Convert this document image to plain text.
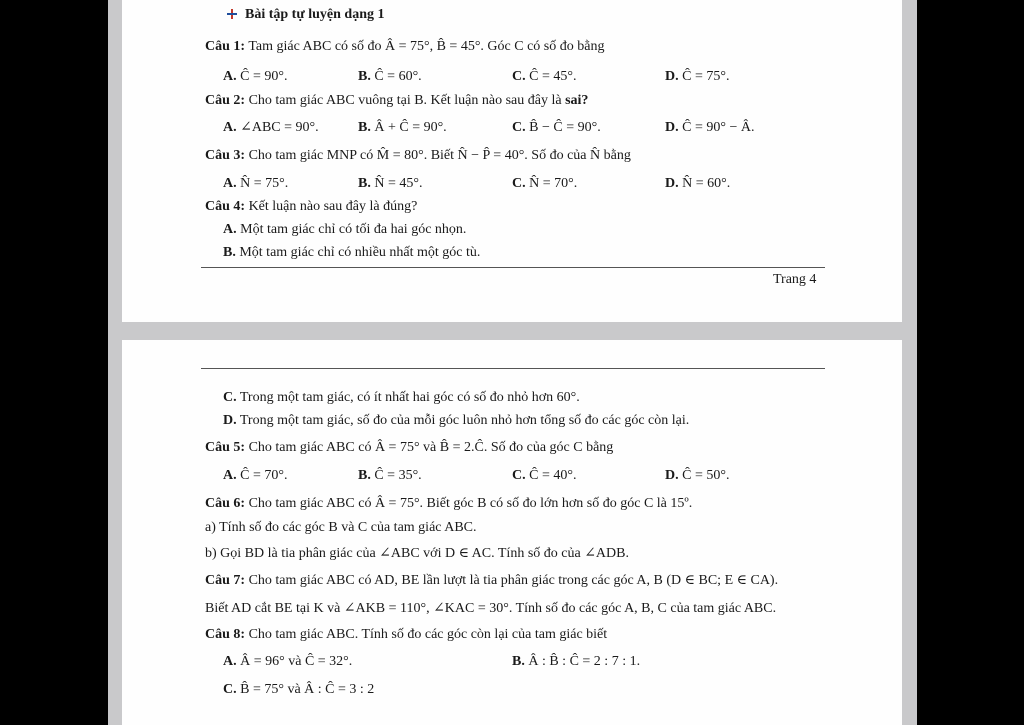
Bài tập tự luyện dạng 1
Câu 1: Tam giác ABC có số đo Â = 75°, B̂ = 45°. Góc C có số đo bằng
A. Ĉ = 90°.	B. Ĉ = 60°.	C. Ĉ = 45°.	D. Ĉ = 75°.
Câu 2: Cho tam giác ABC vuông tại B. Kết luận nào sau đây là sai?
A. ∠ABC = 90°.	B. Â + Ĉ = 90°.	C. B̂ − Ĉ = 90°.	D. Ĉ = 90° − Â.
Câu 3: Cho tam giác MNP có M̂ = 80°. Biết N̂ − P̂ = 40°. Số đo của N̂ bằng
A. N̂ = 75°.	B. N̂ = 45°.	C. N̂ = 70°.	D. N̂ = 60°.
Câu 4: Kết luận nào sau đây là đúng?
A. Một tam giác chỉ có tối đa hai góc nhọn.
B. Một tam giác chỉ có nhiều nhất một góc tù.
Trang 4
C. Trong một tam giác, có ít nhất hai góc có số đo nhỏ hơn 60°.
D. Trong một tam giác, số đo của mỗi góc luôn nhỏ hơn tổng số đo các góc còn lại.
Câu 5: Cho tam giác ABC có Â = 75° và B̂ = 2.Ĉ. Số đo của góc C bằng
A. Ĉ = 70°.	B. Ĉ = 35°.	C. Ĉ = 40°.	D. Ĉ = 50°.
Câu 6: Cho tam giác ABC có Â = 75°. Biết góc B có số đo lớn hơn số đo góc C là 15º.
a) Tính số đo các góc B và C của tam giác ABC.
b) Gọi BD là tia phân giác của ∠ABC với D ∈ AC. Tính số đo của ∠ADB.
Câu 7: Cho tam giác ABC có AD, BE lần lượt là tia phân giác trong các góc A, B (D ∈ BC; E ∈ CA).
Biết AD cắt BE tại K và ∠AKB = 110°, ∠KAC = 30°. Tính số đo các góc A, B, C của tam giác ABC.
Câu 8: Cho tam giác ABC. Tính số đo các góc còn lại của tam giác biết
A. Â = 96° và Ĉ = 32°.	B. Â : B̂ : Ĉ = 2 : 7 : 1.
C. B̂ = 75° và Â : Ĉ = 3 : 2
